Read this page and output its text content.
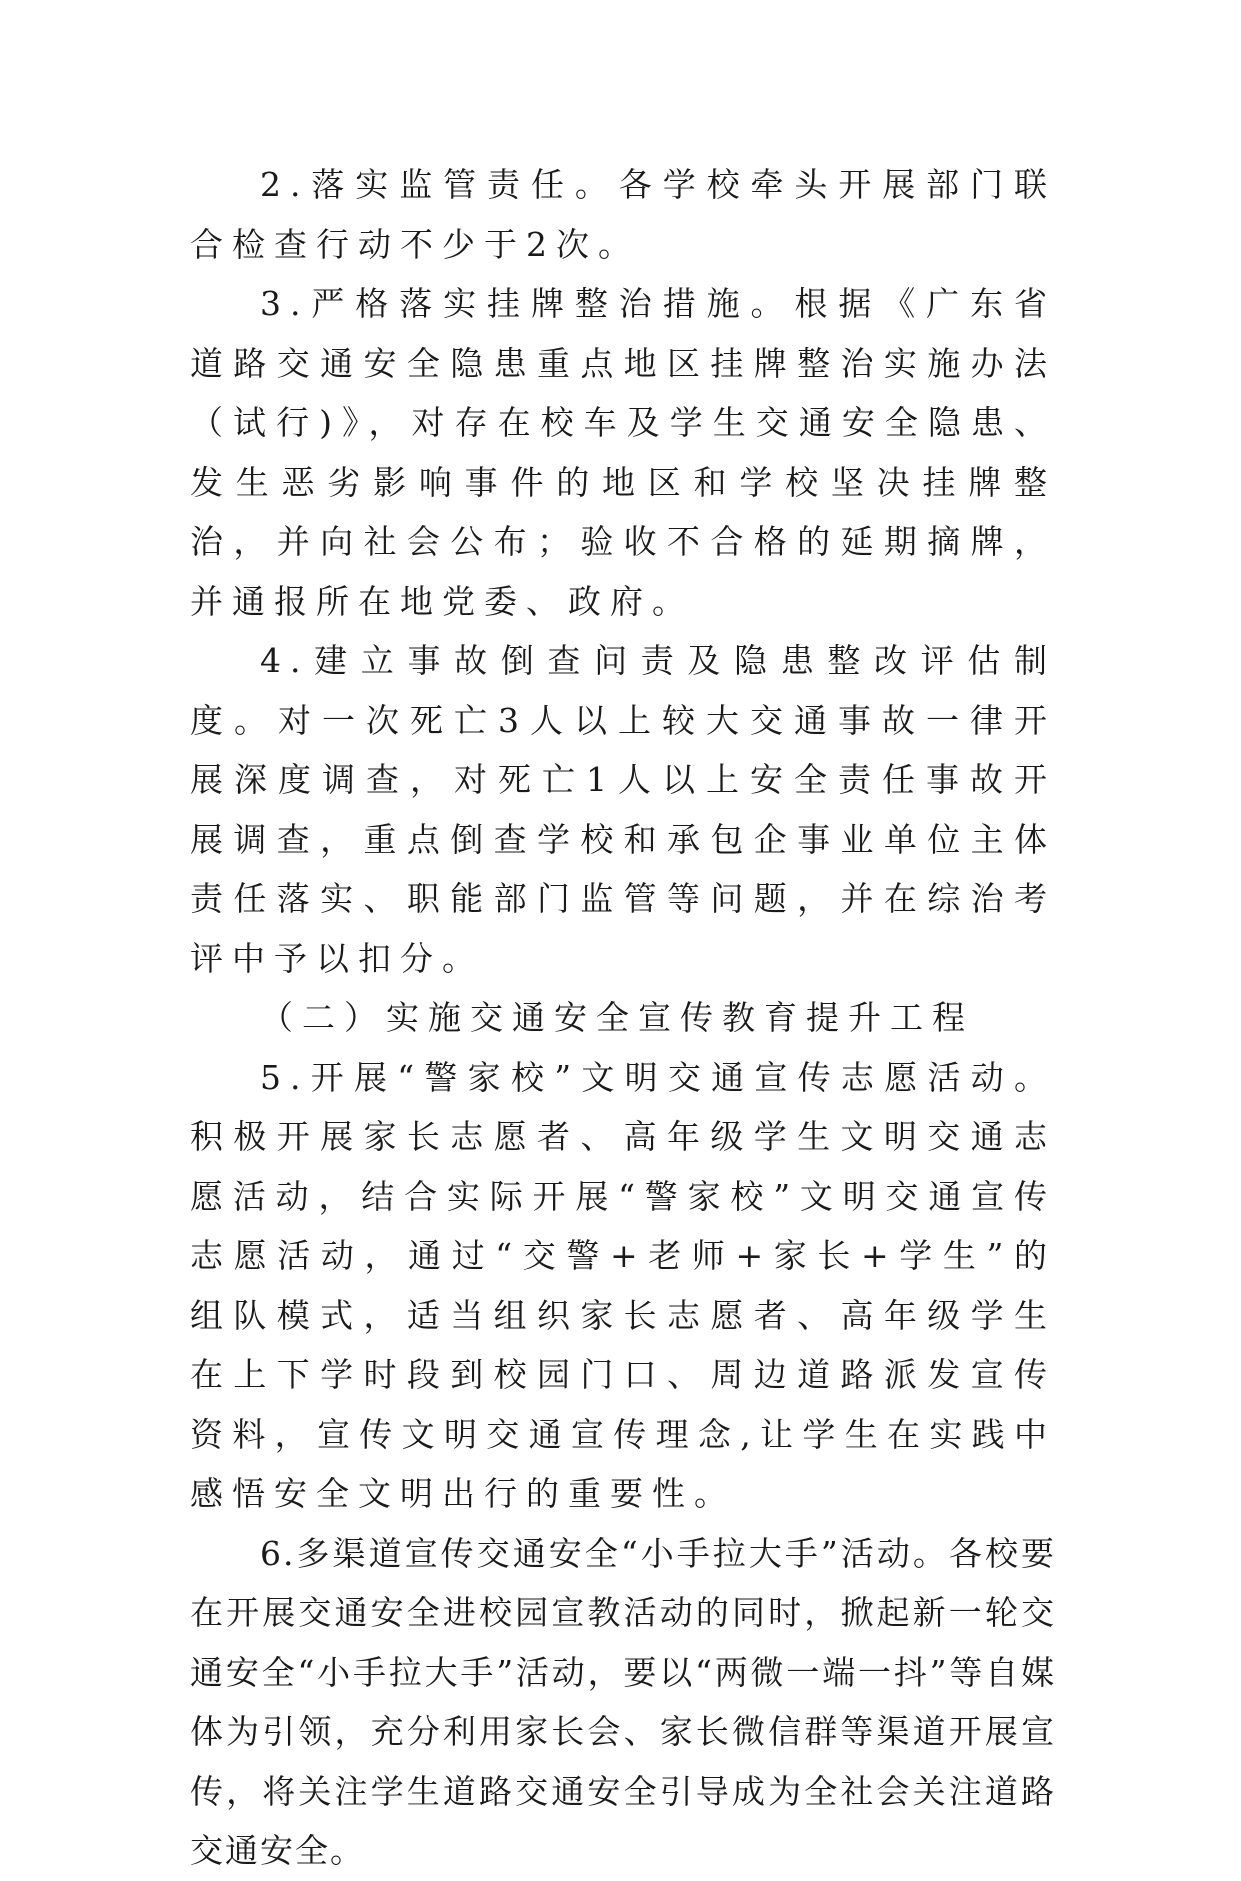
2.落实监管责任。各学校牵头开展部门联合检查行动不少于2次。

3.严格落实挂牌整治措施。根据《广东省道路交通安全隐患重点地区挂牌整治实施办法（试行)》，对存在校车及学生交通安全隐患、发生恶劣影响事件的地区和学校坚决挂牌整治，并向社会公布；验收不合格的延期摘牌，并通报所在地党委、政府。

4.建立事故倒查问责及隐患整改评估制度。对一次死亡3人以上较大交通事故一律开展深度调查，对死亡1人以上安全责任事故开展调查，重点倒查学校和承包企事业单位主体责任落实、职能部门监管等问题，并在综治考评中予以扣分。

（二）实施交通安全宣传教育提升工程

5.开展“警家校”文明交通宣传志愿活动。积极开展家长志愿者、高年级学生文明交通志愿活动，结合实际开展“警家校”文明交通宣传志愿活动，通过“交警+老师+家长+学生”的组队模式，适当组织家长志愿者、高年级学生在上下学时段到校园门口、周边道路派发宣传资料，宣传文明交通宣传理念,让学生在实践中感悟安全文明出行的重要性。

6.多渠道宣传交通安全“小手拉大手”活动。各校要在开展交通安全进校园宣教活动的同时，掀起新一轮交通安全“小手拉大手”活动，要以“两微一端一抖”等自媒体为引领，充分利用家长会、家长微信群等渠道开展宣传，将关注学生道路交通安全引导成为全社会关注道路交通安全。
